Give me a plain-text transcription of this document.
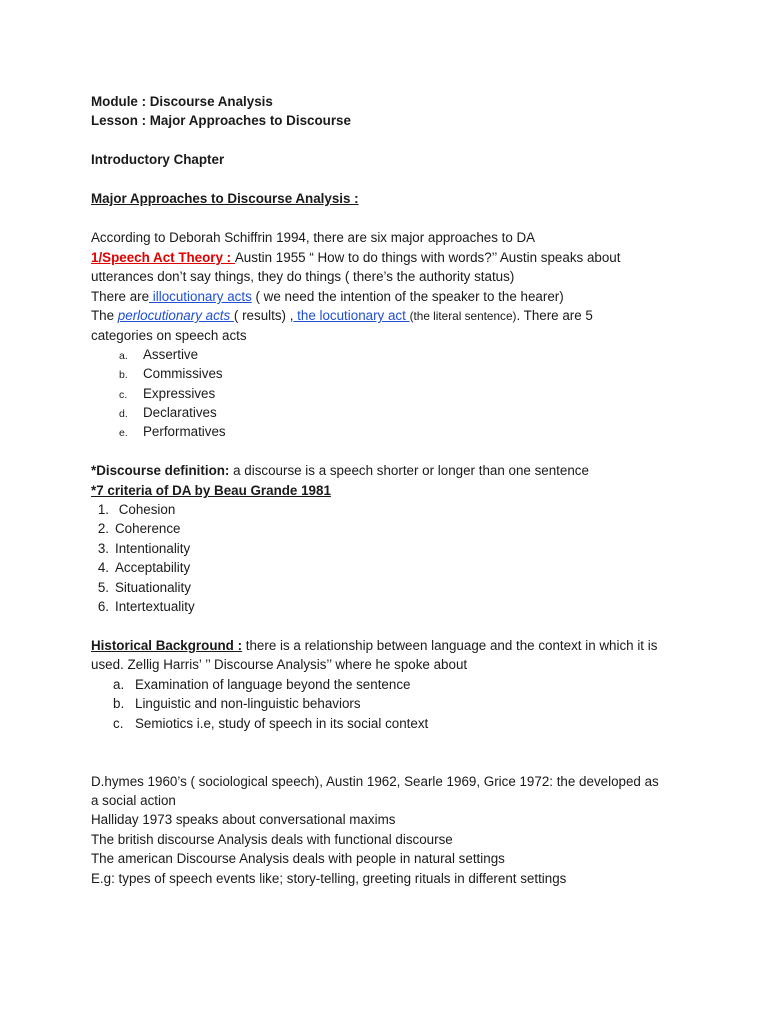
Module : Discourse Analysis
Lesson : Major Approaches to Discourse
Introductory Chapter
Major Approaches to Discourse Analysis :
According to Deborah Schiffrin 1994, there are six major approaches to DA
1/Speech Act Theory : Austin 1955 “ How to do things with words?’’ Austin speaks about
utterances don’t say things, they do things ( there’s the authority status)
There are illocutionary acts ( we need the intention of the speaker to the hearer)
The perlocutionary acts ( results) , the locutionary act (the literal sentence). There are 5
categories on speech acts
a. Assertive
b. Commissives
c. Expressives
d. Declaratives
e. Performatives
*Discourse definition: a discourse is a speech shorter or longer than one sentence
*7 criteria of DA by Beau Grande 1981
1. Cohesion
2. Coherence
3. Intentionality
4. Acceptability
5. Situationality
6. Intertextuality
Historical Background : there is a relationship between language and the context in which it is
used. Zellig Harris’ ’’ Discourse Analysis’’ where he spoke about
a. Examination of language beyond the sentence
b. Linguistic and non-linguistic behaviors
c. Semiotics i.e, study of speech in its social context
D.hymes 1960’s ( sociological speech), Austin 1962, Searle 1969, Grice 1972: the developed as
a social action
Halliday 1973 speaks about conversational maxims
The british discourse Analysis deals with functional discourse
The american Discourse Analysis deals with people in natural settings
E.g: types of speech events like; story-telling, greeting rituals in different settings
